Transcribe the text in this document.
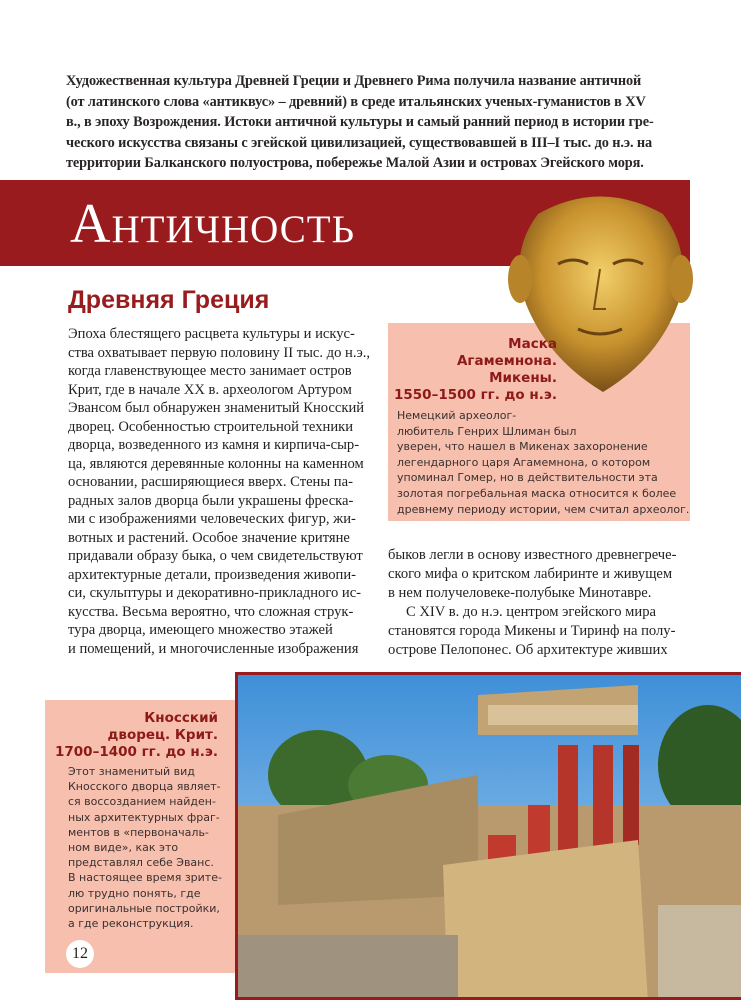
Художественная культура Древней Греции и Древнего Рима получила название античной
(от латинского слова «антиквус» – древний) в среде итальянских ученых-гуманистов в XV
в., в эпоху Возрождения. Истоки античной культуры и самый ранний период в истории гре-
ческого искусства связаны с эгейской цивилизацией, существовавшей в III–I тыс. до н.э. на
территории Балканского полуострова, побережье Малой Азии и островах Эгейского моря.
Античность
Древняя Греция
Эпоха блестящего расцвета культуры и искус-
ства охватывает первую половину II тыс. до н.э.,
когда главенствующее место занимает остров
Крит, где в начале XX в. археологом Артуром
Эвансом был обнаружен знаменитый Кносский
дворец. Особенностью строительной техники
дворца, возведенного из камня и кирпича-сыр-
ца, являются деревянные колонны на каменном
основании, расширяющиеся вверх. Стены па-
радных залов дворца были украшены фреска-
ми с изображениями человеческих фигур, жи-
вотных и растений. Особое значение критяне
придавали образу быка, о чем свидетельствуют
архитектурные детали, произведения живопи-
си, скульптуры и декоративно-прикладного ис-
кусства. Весьма вероятно, что сложная струк-
тура дворца, имеющего множество этажей
и помещений, и многочисленные изображения
быков легли в основу известного древнегрече-
ского мифа о критском лабиринте и живущем
в нем получеловеке-полубыке Минотавре.
С XIV в. до н.э. центром эгейского мира
становятся города Микены и Тиринф на полу-
острове Пелопонес. Об архитектуре живших
Маска
Агамемнона.
Микены.
1550–1500 гг. до н.э.
Немецкий археолог-
любитель Генрих Шлиман был
уверен, что нашел в Микенах захоронение
легендарного царя Агамемнона, о котором
упоминал Гомер, но в действительности эта
золотая погребальная маска относится к более
древнему периоду истории, чем считал археолог.
Кносский
дворец. Крит.
1700–1400 гг. до н.э.
Этот знаменитый вид
Кносского дворца являет-
ся воссозданием найден-
ных архитектурных фраг-
ментов в «первоначаль-
ном виде», как это
представлял себе Эванс.
В настоящее время зрите-
лю трудно понять, где
оригинальные постройки,
а где реконструкция.
12
